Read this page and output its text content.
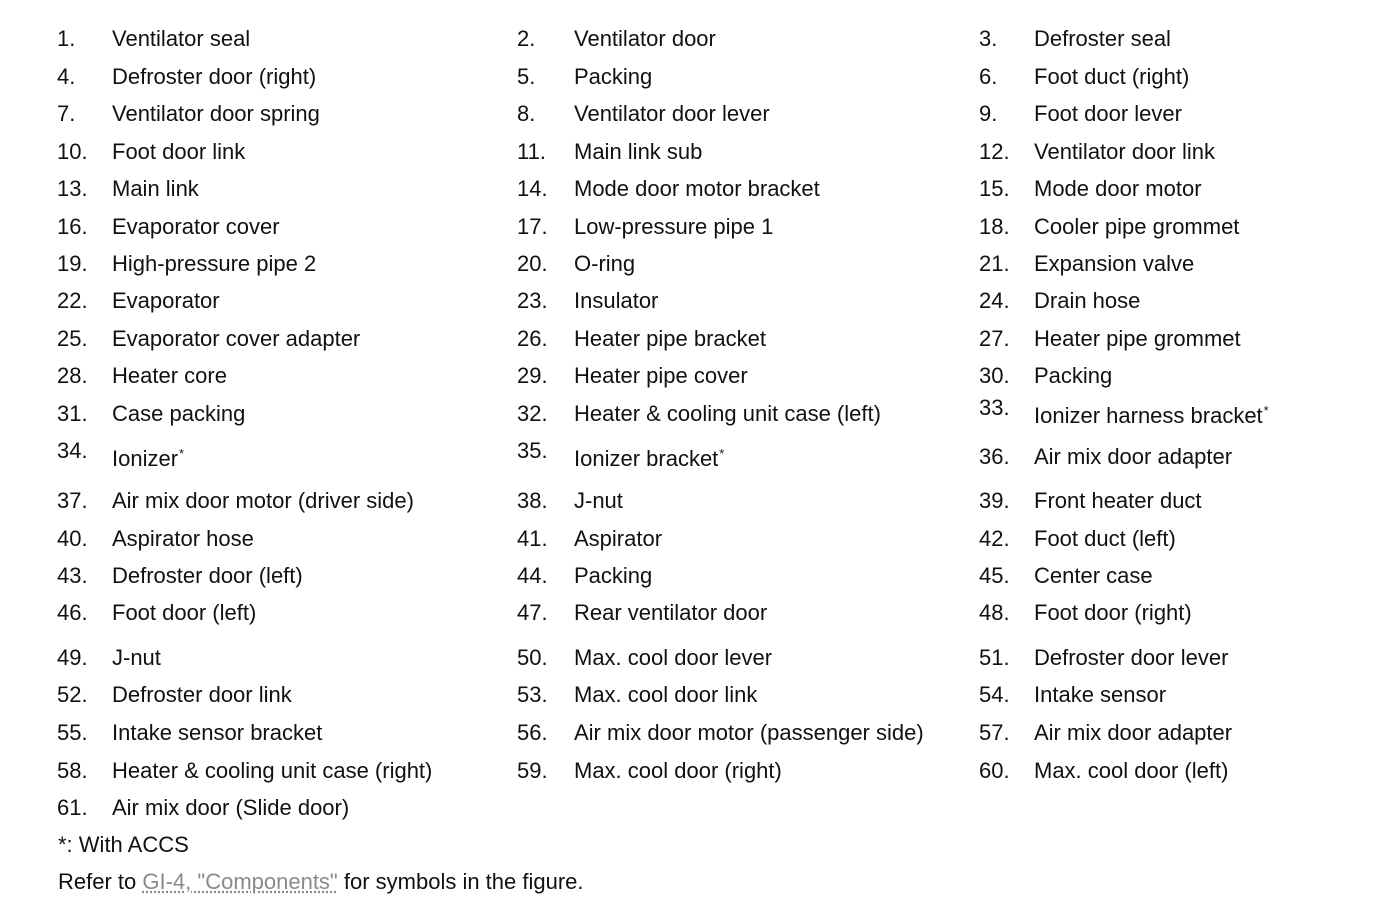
1. Ventilator seal	2. Ventilator door	3. Defroster seal
4. Defroster door (right)	5. Packing	6. Foot duct (right)
7. Ventilator door spring	8. Ventilator door lever	9. Foot door lever
10. Foot door link	11. Main link sub	12. Ventilator door link
13. Main link	14. Mode door motor bracket	15. Mode door motor
16. Evaporator cover	17. Low-pressure pipe 1	18. Cooler pipe grommet
19. High-pressure pipe 2	20. O-ring	21. Expansion valve
22. Evaporator	23. Insulator	24. Drain hose
25. Evaporator cover adapter	26. Heater pipe bracket	27. Heater pipe grommet
28. Heater core	29. Heater pipe cover	30. Packing
31. Case packing	32. Heater & cooling unit case (left)	33. Ionizer harness bracket*
34. Ionizer*	35. Ionizer bracket*	36. Air mix door adapter
37. Air mix door motor (driver side)	38. J-nut	39. Front heater duct
40. Aspirator hose	41. Aspirator	42. Foot duct (left)
43. Defroster door (left)	44. Packing	45. Center case
46. Foot door (left)	47. Rear ventilator door	48. Foot door (right)
49. J-nut	50. Max. cool door lever	51. Defroster door lever
52. Defroster door link	53. Max. cool door link	54. Intake sensor
55. Intake sensor bracket	56. Air mix door motor (passenger side)	57. Air mix door adapter
58. Heater & cooling unit case (right)	59. Max. cool door (right)	60. Max. cool door (left)
61. Air mix door (Slide door)
*: With ACCS
Refer to GI-4, "Components" for symbols in the figure.
